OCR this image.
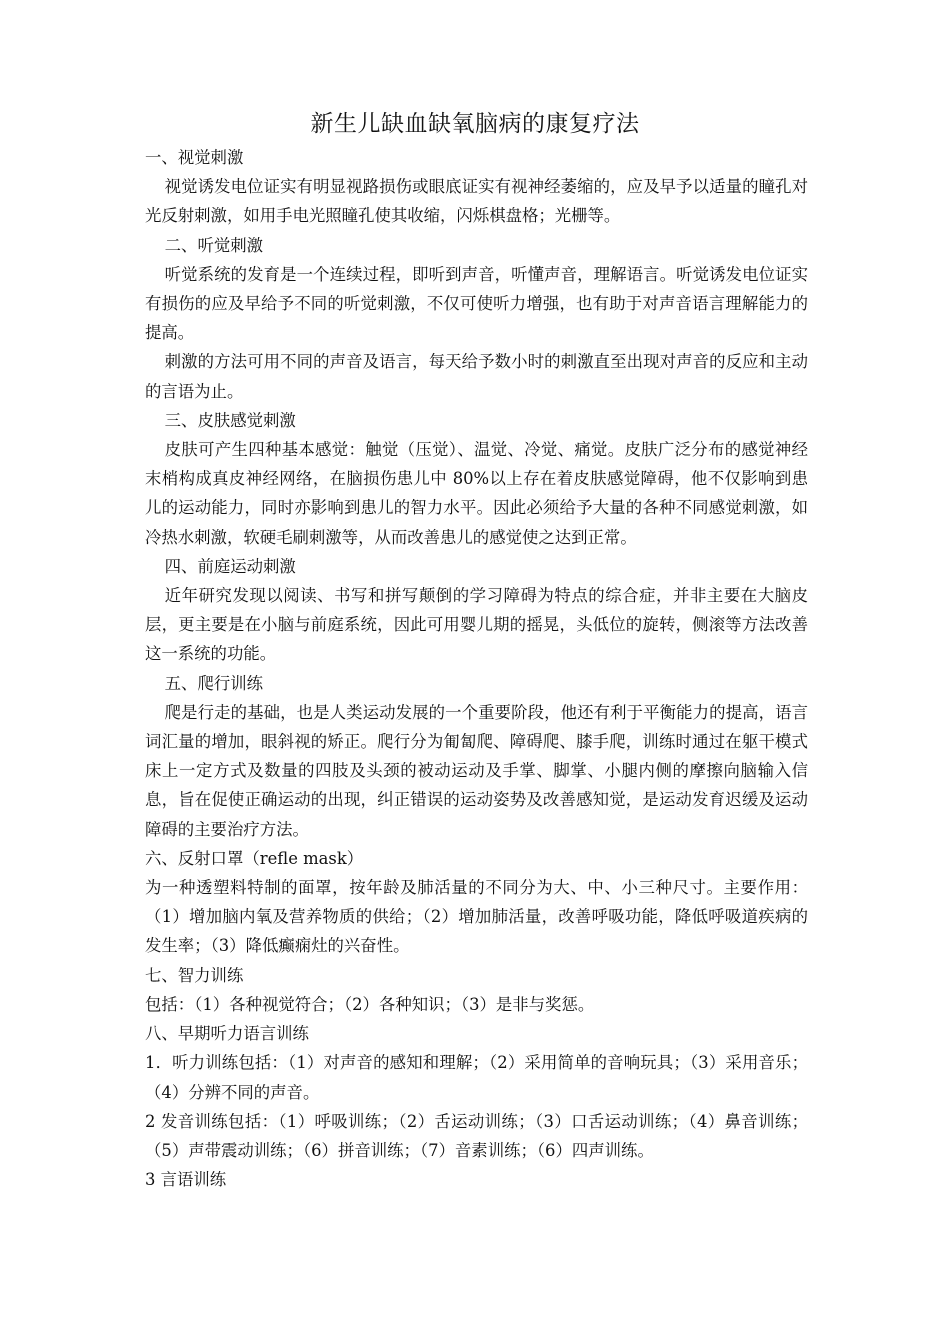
新生儿缺血缺氧脑病的康复疗法

一、视觉刺激

视觉诱发电位证实有明显视路损伤或眼底证实有视神经萎缩的，应及早予以适量的瞳孔对光反射刺激，如用手电光照瞳孔使其收缩，闪烁棋盘格；光栅等。

二、听觉刺激

听觉系统的发育是一个连续过程，即听到声音，听懂声音，理解语言。听觉诱发电位证实有损伤的应及早给予不同的听觉刺激，不仅可使听力增强，也有助于对声音语言理解能力的提高。

刺激的方法可用不同的声音及语言，每天给予数小时的刺激直至出现对声音的反应和主动的言语为止。

三、皮肤感觉刺激

皮肤可产生四种基本感觉：触觉（压觉）、温觉、冷觉、痛觉。皮肤广泛分布的感觉神经末梢构成真皮神经网络，在脑损伤患儿中 80%以上存在着皮肤感觉障碍，他不仅影响到患儿的运动能力，同时亦影响到患儿的智力水平。因此必须给予大量的各种不同感觉刺激，如冷热水刺激，软硬毛刷刺激等，从而改善患儿的感觉使之达到正常。

四、前庭运动刺激

近年研究发现以阅读、书写和拼写颠倒的学习障碍为特点的综合症，并非主要在大脑皮层，更主要是在小脑与前庭系统，因此可用婴儿期的摇晃，头低位的旋转，侧滚等方法改善这一系统的功能。

五、爬行训练

爬是行走的基础，也是人类运动发展的一个重要阶段，他还有利于平衡能力的提高，语言词汇量的增加，眼斜视的矫正。爬行分为匍匐爬、障碍爬、膝手爬，训练时通过在躯干模式床上一定方式及数量的四肢及头颈的被动运动及手掌、脚掌、小腿内侧的摩擦向脑输入信息，旨在促使正确运动的出现，纠正错误的运动姿势及改善感知觉，是运动发育迟缓及运动障碍的主要治疗方法。

六、反射口罩（refle mask）

为一种透塑料特制的面罩，按年龄及肺活量的不同分为大、中、小三种尺寸。主要作用：（1）增加脑内氧及营养物质的供给；（2）增加肺活量，改善呼吸功能，降低呼吸道疾病的发生率；（3）降低癫痫灶的兴奋性。

七、智力训练

包括：（1）各种视觉符合；（2）各种知识；（3）是非与奖惩。

八、早期听力语言训练

1．听力训练包括：（1）对声音的感知和理解；（2）采用简单的音响玩具；（3）采用音乐；（4）分辨不同的声音。

2 发音训练包括：（1）呼吸训练；（2）舌运动训练；（3）口舌运动训练；（4）鼻音训练；（5）声带震动训练；（6）拼音训练；（7）音素训练；（6）四声训练。

3 言语训练
